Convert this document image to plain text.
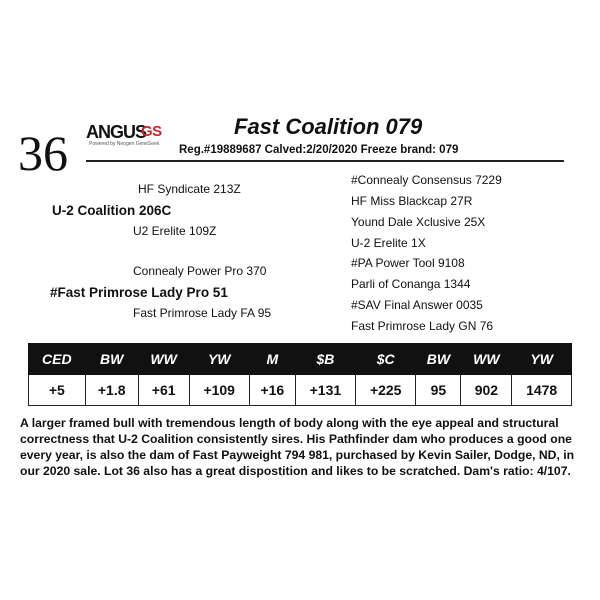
36 ANGUS
GS
Powered by Neogen GeneSeek
Fast Coalition 079
Reg.#19889687 Calved:2/20/2020 Freeze brand: 079
HF Syndicate 213Z
U-2 Coalition 206C
U2 Erelite 109Z
Connealy Power Pro 370
#Fast Primrose Lady Pro 51
Fast Primrose Lady FA 95
#Connealy Consensus 7229
HF Miss Blackcap 27R
Yound Dale Xclusive 25X
U-2 Erelite 1X
#PA Power Tool 9108
Parli of Conanga 1344
#SAV Final Answer 0035
Fast Primrose Lady GN 76
CED	BW	WW	YW	M	$B	$C	BW	WW	YW
+5	+1.8	+61	+109	+16	+131	+225	95	902	1478
A larger framed bull with tremendous length of body along with the eye appeal and structural correctness that U-2 Coalition consistently sires. His Pathfinder dam who produces a good one every year, is also the dam of Fast Payweight 794 981, purchased by Kevin Sailer, Dodge, ND, in our 2020 sale. Lot 36 also has a great dispostition and likes to be scratched. Dam's ratio: 4/107.
